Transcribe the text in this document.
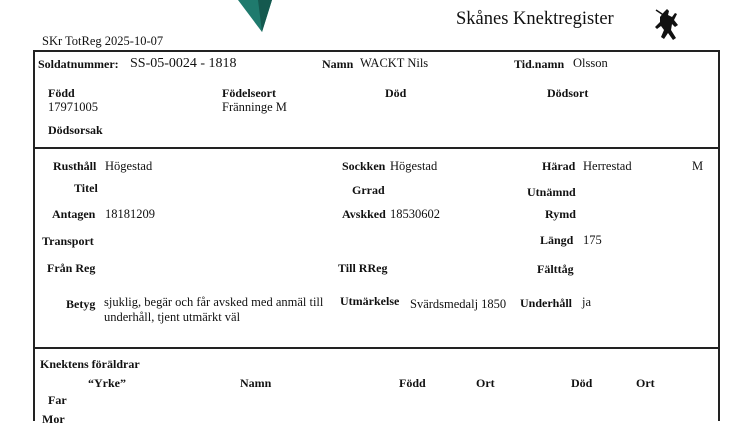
Skånes Knektregister
SKr TotReg 2025-10-07
Soldatnummer: SS-05-0024 - 1818	Namn WACKT Nils	Tid.namn Olsson
Född
17971005
Födelseort
Fränninge M
Död	Dödsort
Dödsorsak
Rusthåll Högestad	Sockken Högestad	Härad Herrestad	M
Titel	Grrad	Utnämnd
Antagen 18181209	Avskked 18530602	Rymd
Transport	Längd 175
Från Reg	Till RReg	Fälttåg
Betyg sjuklig, begär och får avsked med anmäl till
underhåll, tjent utmärkt väl
Utmärkelse Svärdsmedalj 1850 Underhåll ja
Knektens föräldrar
“Yrke”	Namn	Född	Ort	Död	Ort
Far
Mor
